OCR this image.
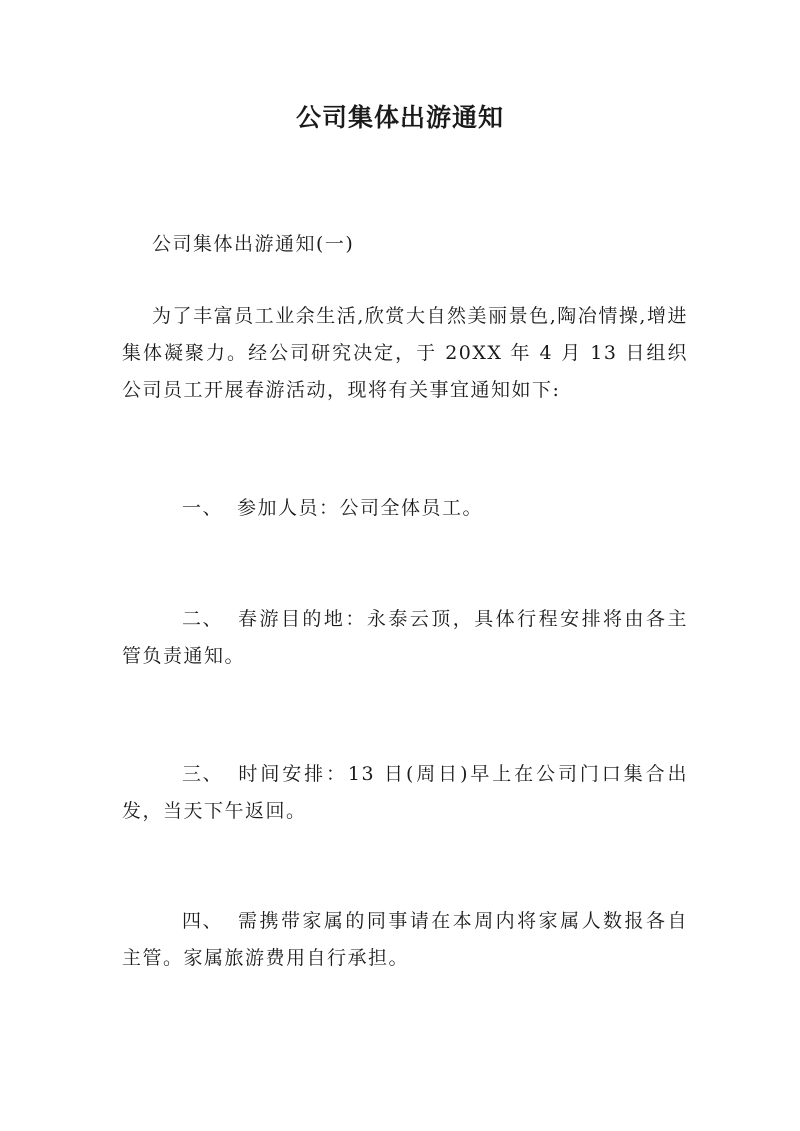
公司集体出游通知

公司集体出游通知(一)

为了丰富员工业余生活,欣赏大自然美丽景色,陶冶情操,增进集体凝聚力。经公司研究决定，于 20XX 年 4 月 13 日组织公司员工开展春游活动，现将有关事宜通知如下:

一、 参加人员：公司全体员工。

二、 春游目的地：永泰云顶，具体行程安排将由各主管负责通知。

三、 时间安排：13 日(周日)早上在公司门口集合出发，当天下午返回。

四、 需携带家属的同事请在本周内将家属人数报各自主管。家属旅游费用自行承担。
